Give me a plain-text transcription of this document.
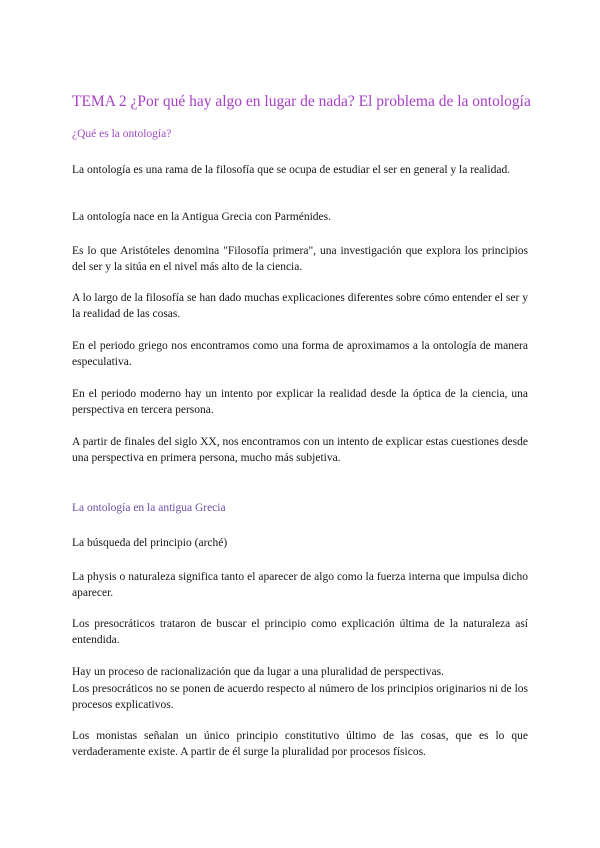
TEMA 2 ¿Por qué hay algo en lugar de nada? El problema de la ontología
¿Qué es la ontología?

La ontología es una rama de la filosofía que se ocupa de estudiar el ser en general y la realidad.

La ontología nace en la Antigua Grecia con Parménides.

Es lo que Aristóteles denomina "Filosofía primera", una investigación que explora los principios del ser y la sitúa en el nivel más alto de la ciencia.

A lo largo de la filosofía se han dado muchas explicaciones diferentes sobre cómo entender el ser y la realidad de las cosas.

En el periodo griego nos encontramos como una forma de aproximamos a la ontología de manera especulativa.

En el periodo moderno hay un intento por explicar la realidad desde la óptica de la ciencia, una perspectiva en tercera persona.

A partir de finales del siglo XX, nos encontramos con un intento de explicar estas cuestiones desde una perspectiva en primera persona, mucho más subjetiva.

La ontología en la antigua Grecia

La búsqueda del principio (arché)

La physis o naturaleza significa tanto el aparecer de algo como la fuerza interna que impulsa dicho aparecer.

Los presocráticos trataron de buscar el principio como explicación última de la naturaleza así entendida.

Hay un proceso de racionalización que da lugar a una pluralidad de perspectivas.

Los presocráticos no se ponen de acuerdo respecto al número de los principios originarios ni de los procesos explicativos.

Los monistas señalan un único principio constitutivo último de las cosas, que es lo que verdaderamente existe. A partir de él surge la pluralidad por procesos físicos.
